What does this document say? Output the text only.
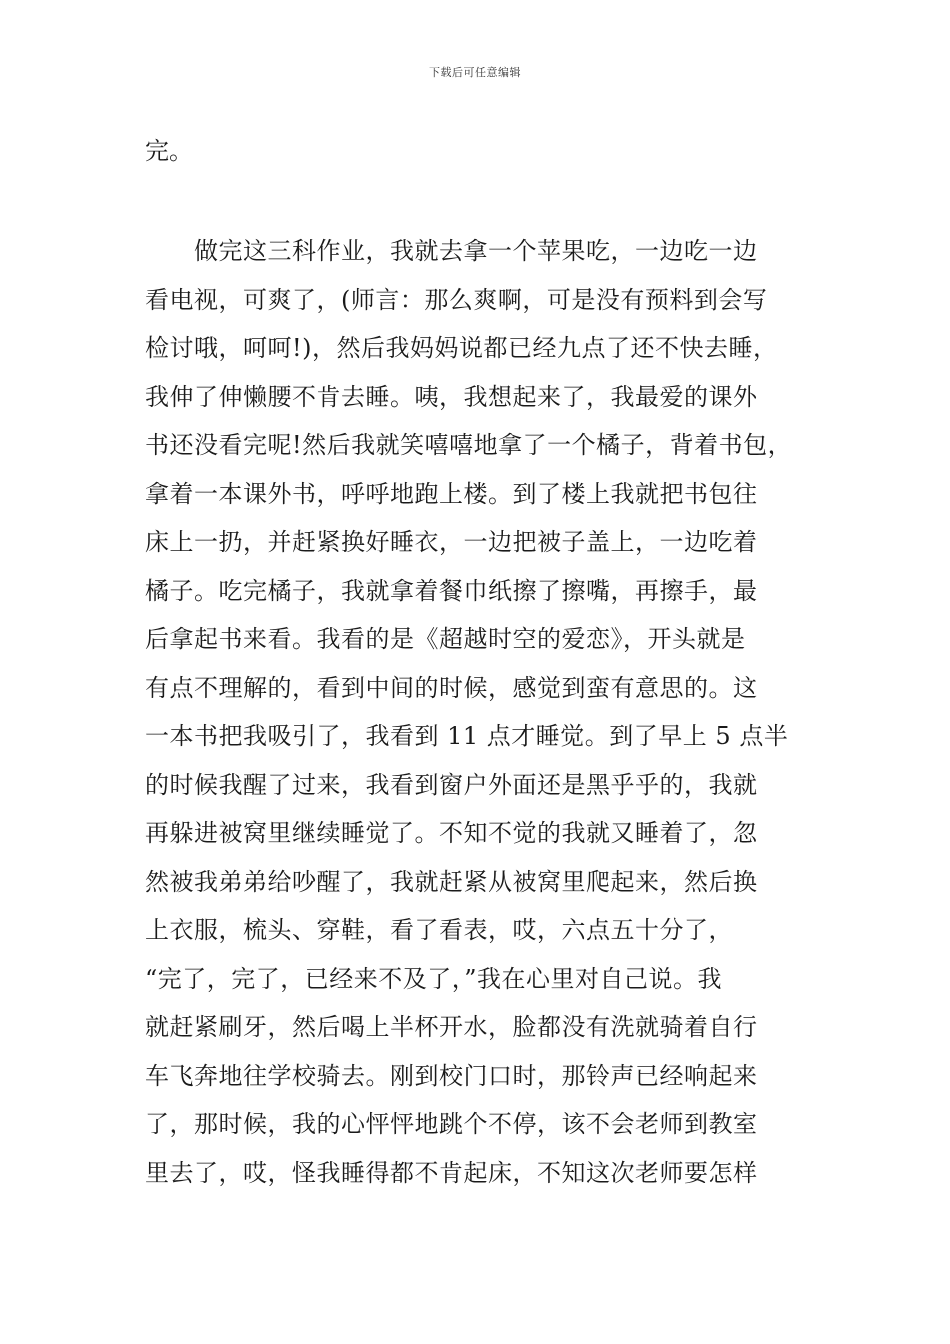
下载后可任意编辑
完。
　　做完这三科作业，我就去拿一个苹果吃，一边吃一边
看电视，可爽了，(师言：那么爽啊，可是没有预料到会写
检讨哦，呵呵!)，然后我妈妈说都已经九点了还不快去睡，
我伸了伸懒腰不肯去睡。咦，我想起来了，我最爱的课外
书还没看完呢!然后我就笑嘻嘻地拿了一个橘子，背着书包，
拿着一本课外书，呼呼地跑上楼。到了楼上我就把书包往
床上一扔，并赶紧换好睡衣，一边把被子盖上，一边吃着
橘子。吃完橘子，我就拿着餐巾纸擦了擦嘴，再擦手，最
后拿起书来看。我看的是《超越时空的爱恋》，开头就是
有点不理解的，看到中间的时候，感觉到蛮有意思的。这
一本书把我吸引了，我看到 11 点才睡觉。到了早上 5 点半
的时候我醒了过来，我看到窗户外面还是黑乎乎的，我就
再躲进被窝里继续睡觉了。不知不觉的我就又睡着了，忽
然被我弟弟给吵醒了，我就赶紧从被窝里爬起来，然后换
上衣服，梳头、穿鞋，看了看表，哎，六点五十分了，
“完了，完了，已经来不及了，”我在心里对自己说。我
就赶紧刷牙，然后喝上半杯开水，脸都没有洗就骑着自行
车飞奔地往学校骑去。刚到校门口时，那铃声已经响起来
了，那时候，我的心怦怦地跳个不停，该不会老师到教室
里去了，哎，怪我睡得都不肯起床，不知这次老师要怎样
